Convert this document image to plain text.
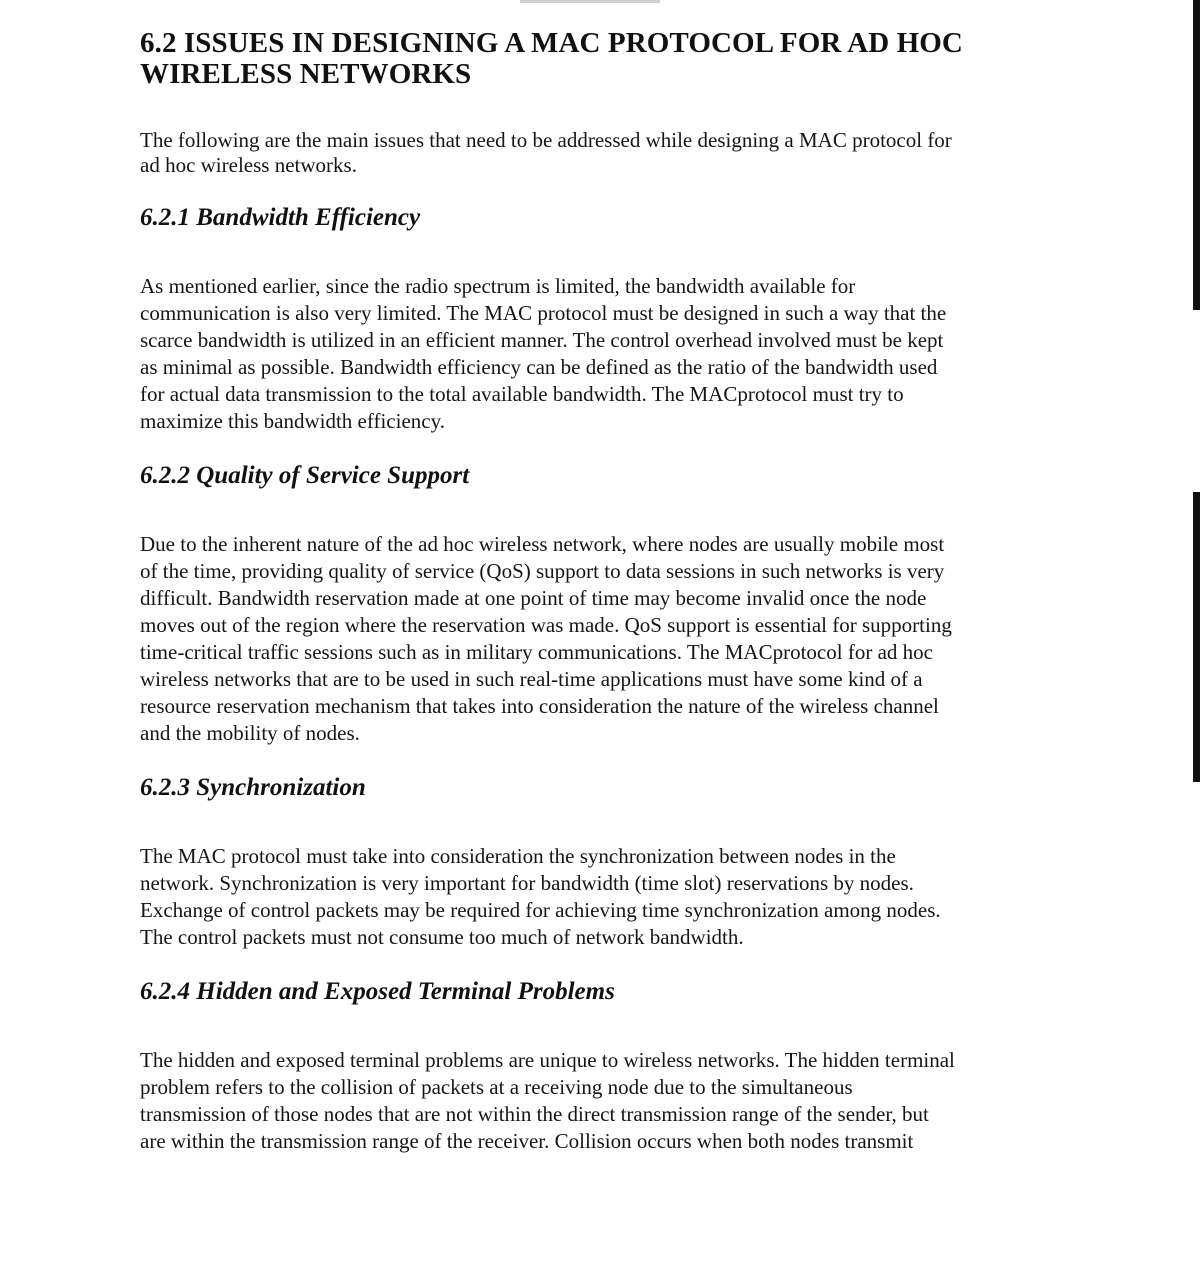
6.2 ISSUES IN DESIGNING A MAC PROTOCOL FOR AD HOC
WIRELESS NETWORKS

The following are the main issues that need to be addressed while designing a MAC protocol for
ad hoc wireless networks.

6.2.1 Bandwidth Efficiency

As mentioned earlier, since the radio spectrum is limited, the bandwidth available for
communication is also very limited. The MAC protocol must be designed in such a way that the
scarce bandwidth is utilized in an efficient manner. The control overhead involved must be kept
as minimal as possible. Bandwidth efficiency can be defined as the ratio of the bandwidth used
for actual data transmission to the total available bandwidth. The MACprotocol must try to
maximize this bandwidth efficiency.

6.2.2 Quality of Service Support

Due to the inherent nature of the ad hoc wireless network, where nodes are usually mobile most
of the time, providing quality of service (QoS) support to data sessions in such networks is very
difficult. Bandwidth reservation made at one point of time may become invalid once the node
moves out of the region where the reservation was made. QoS support is essential for supporting
time-critical traffic sessions such as in military communications. The MACprotocol for ad hoc
wireless networks that are to be used in such real-time applications must have some kind of a
resource reservation mechanism that takes into consideration the nature of the wireless channel
and the mobility of nodes.

6.2.3 Synchronization

The MAC protocol must take into consideration the synchronization between nodes in the
network. Synchronization is very important for bandwidth (time slot) reservations by nodes.
Exchange of control packets may be required for achieving time synchronization among nodes.
The control packets must not consume too much of network bandwidth.

6.2.4 Hidden and Exposed Terminal Problems

The hidden and exposed terminal problems are unique to wireless networks. The hidden terminal
problem refers to the collision of packets at a receiving node due to the simultaneous
transmission of those nodes that are not within the direct transmission range of the sender, but
are within the transmission range of the receiver. Collision occurs when both nodes transmit
